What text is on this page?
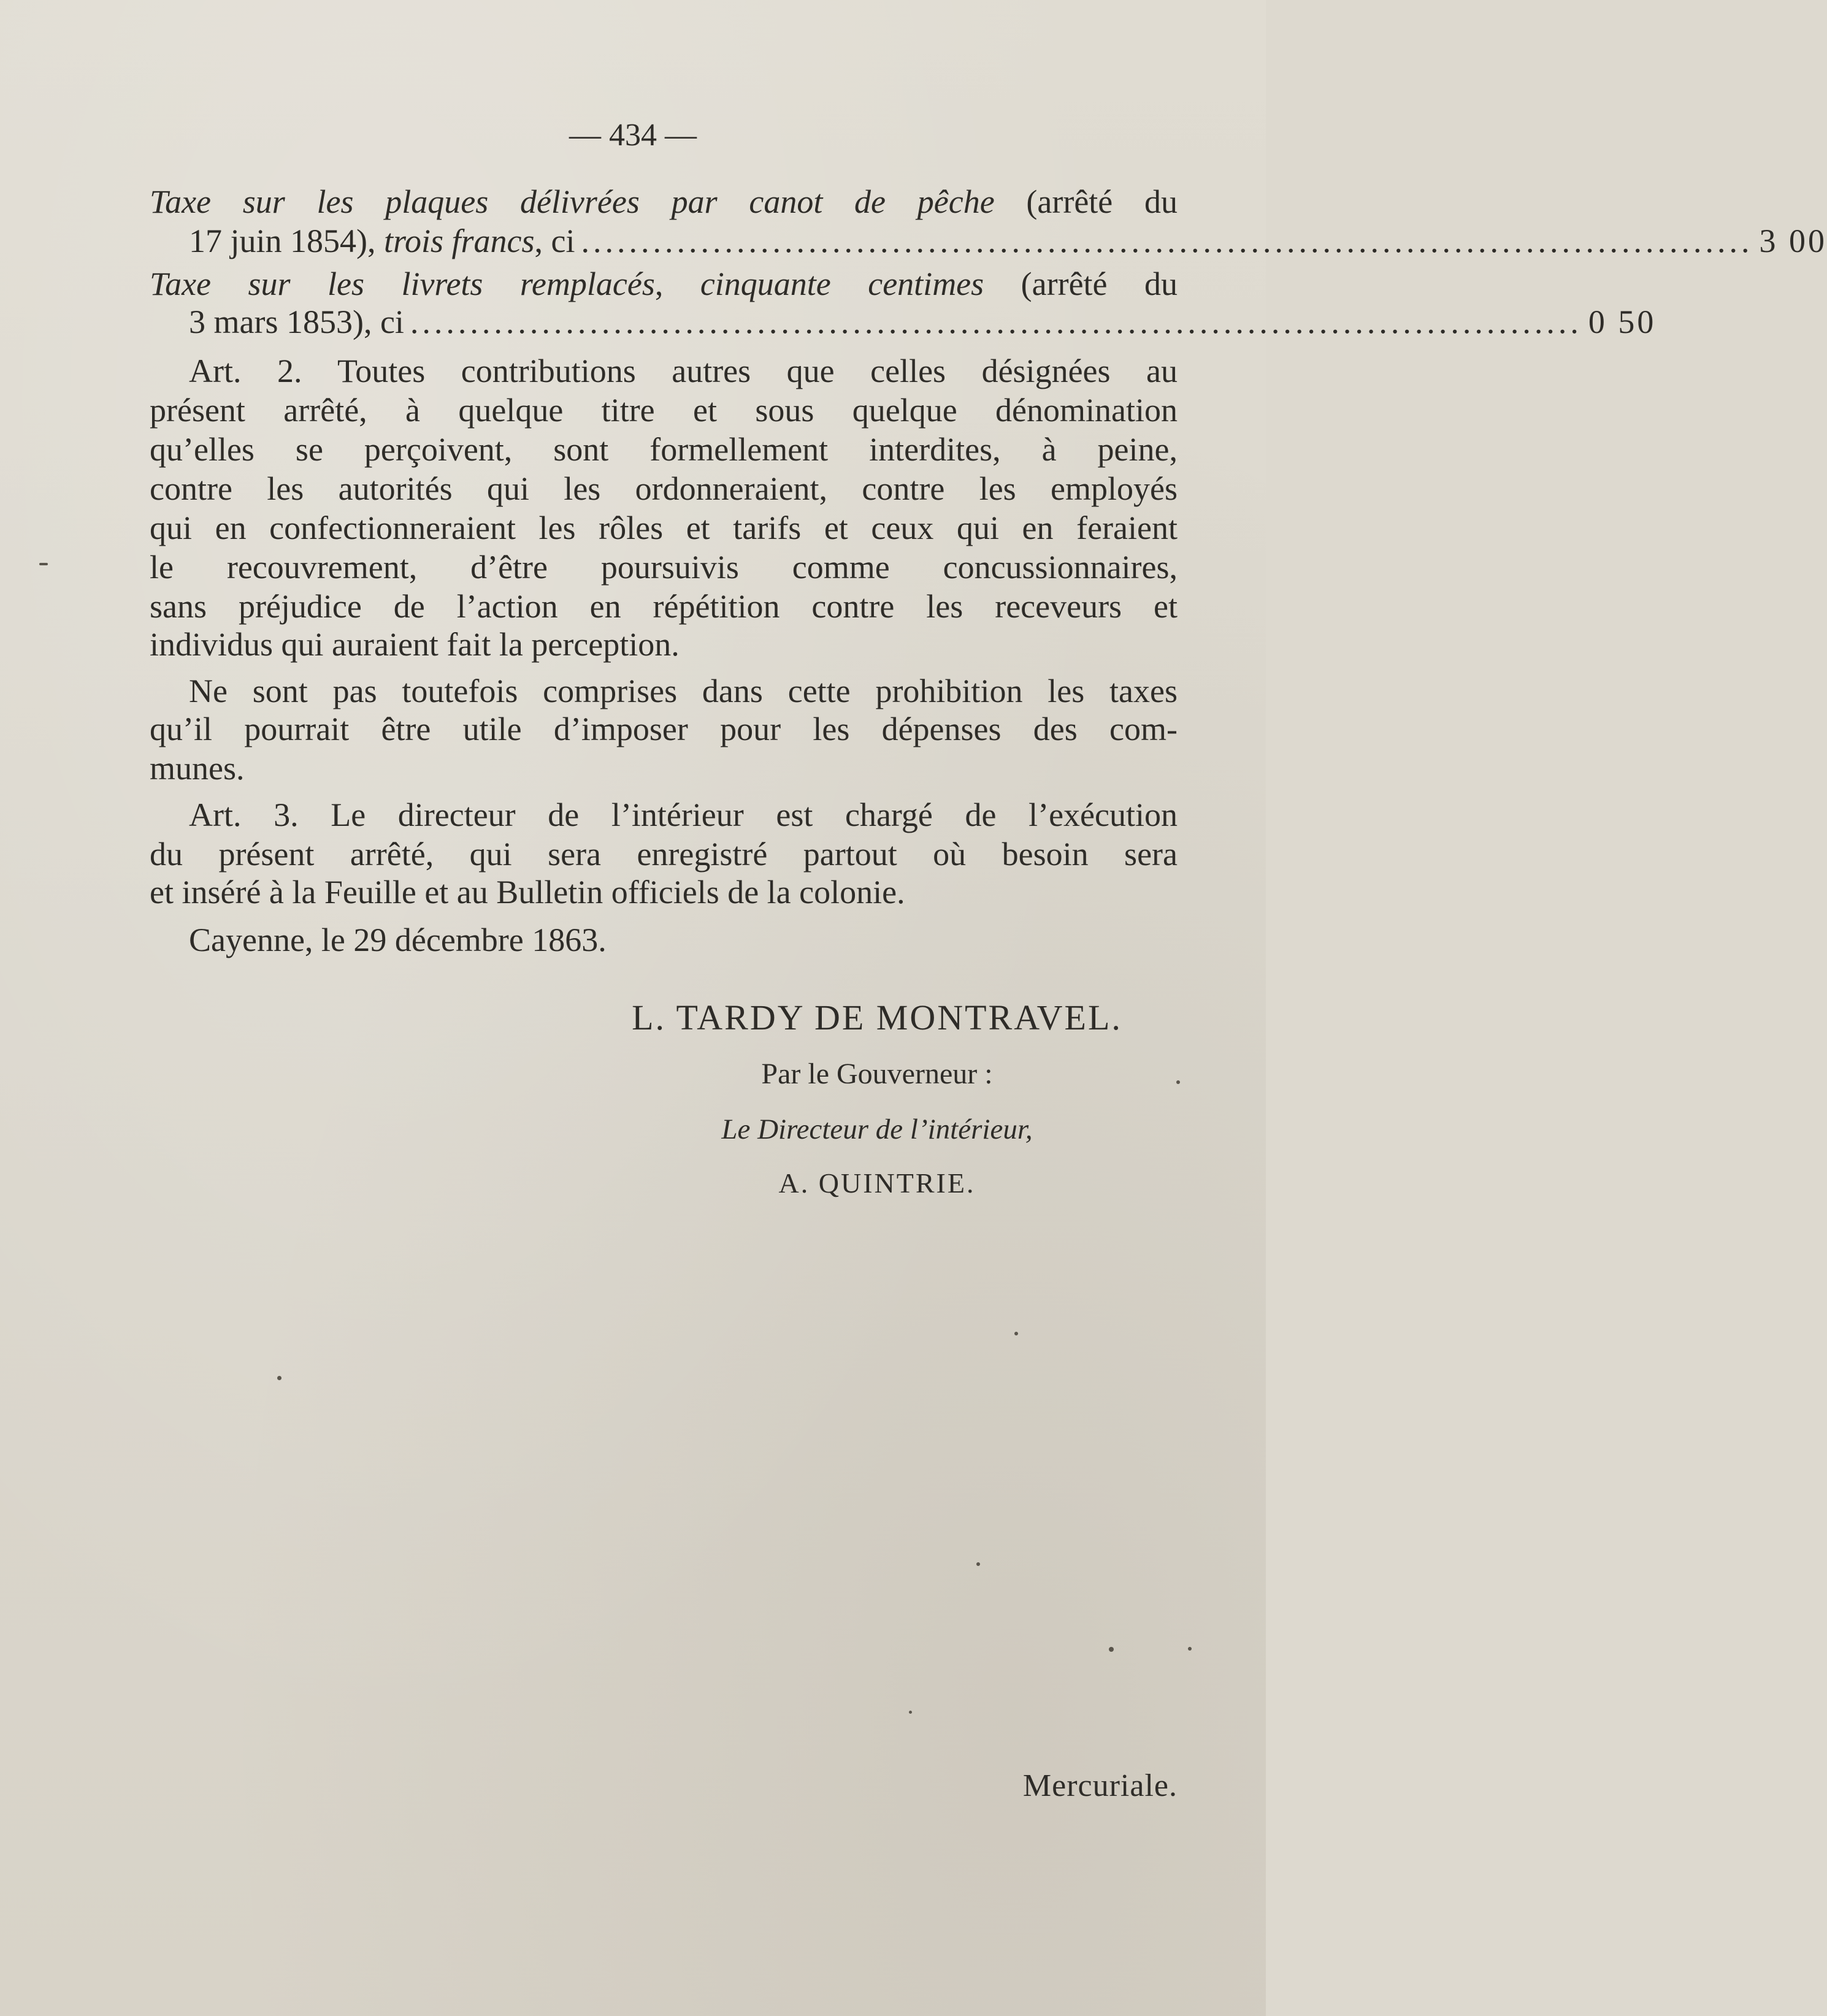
— 434 —
Taxe sur les plaques délivrées par canot de pêche (arrêté du
17 juin 1854), trois francs, ci .................................................................................................. 3 00
Taxe sur les livrets remplacés, cinquante centimes (arrêté du
3 mars 1853), ci .................................................................................................. 0 50
Art. 2. Toutes contributions autres que celles désignées au
présent arrêté, à quelque titre et sous quelque dénomination
qu’elles se perçoivent, sont formellement interdites, à peine,
contre les autorités qui les ordonneraient, contre les employés
qui en confectionneraient les rôles et tarifs et ceux qui en feraient
le recouvrement, d’être poursuivis comme concussionnaires,
sans préjudice de l’action en répétition contre les receveurs et
individus qui auraient fait la perception.
Ne sont pas toutefois comprises dans cette prohibition les taxes
qu’il pourrait être utile d’imposer pour les dépenses des com-
munes.
Art. 3. Le directeur de l’intérieur est chargé de l’exécution
du présent arrêté, qui sera enregistré partout où besoin sera
et inséré à la Feuille et au Bulletin officiels de la colonie.
Cayenne, le 29 décembre 1863.
L. TARDY DE MONTRAVEL.
Par le Gouverneur :
Le Directeur de l’intérieur,
A. QUINTRIE.
Mercuriale.
